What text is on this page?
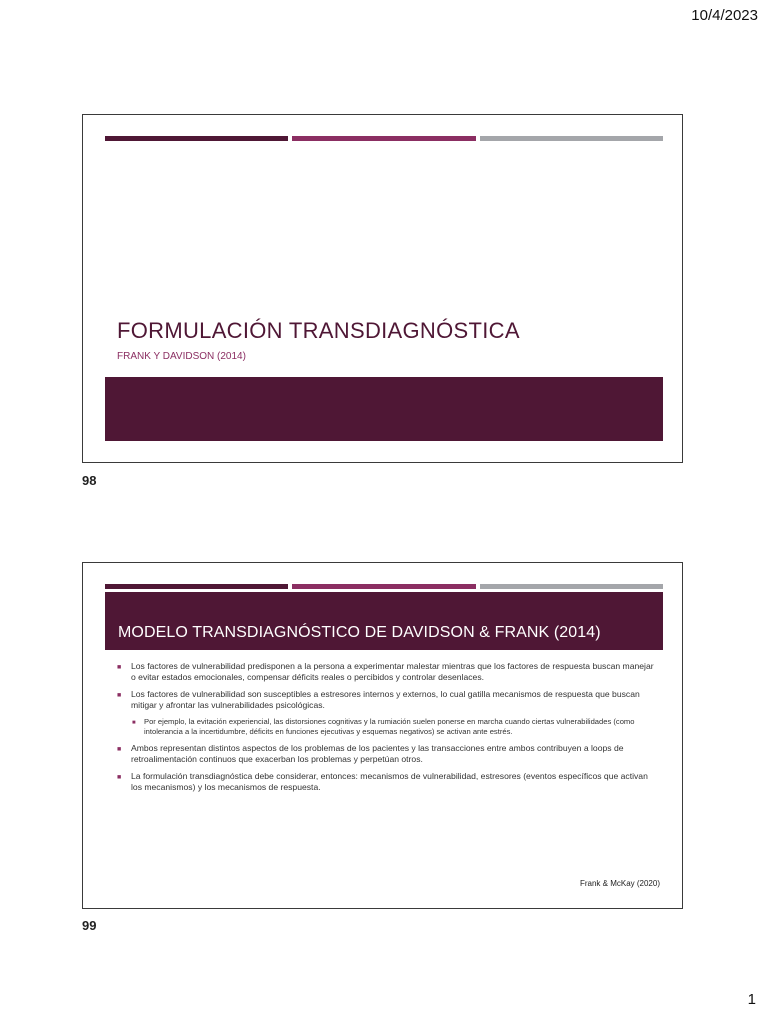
10/4/2023
FORMULACIÓN TRANSDIAGNÓSTICA
FRANK Y DAVIDSON (2014)
98
MODELO TRANSDIAGNÓSTICO DE DAVIDSON & FRANK (2014)
■ Los factores de vulnerabilidad predisponen a la persona a experimentar malestar mientras que los factores de respuesta buscan manejar o evitar estados emocionales, compensar déficits reales o percibidos y controlar desenlaces.
■ Los factores de vulnerabilidad son susceptibles a estresores internos y externos, lo cual gatilla mecanismos de respuesta que buscan mitigar y afrontar las vulnerabilidades psicológicas.
■ Por ejemplo, la evitación experiencial, las distorsiones cognitivas y la rumiación suelen ponerse en marcha cuando ciertas vulnerabilidades (como intolerancia a la incertidumbre, déficits en funciones ejecutivas y esquemas negativos) se activan ante estrés.
■ Ambos representan distintos aspectos de los problemas de los pacientes y las transacciones entre ambos contribuyen a loops de retroalimentación continuos que exacerban los problemas y perpetúan otros.
■ La formulación transdiagnóstica debe considerar, entonces: mecanismos de vulnerabilidad, estresores (eventos específicos que activan los mecanismos) y los mecanismos de respuesta.
Frank & McKay (2020)
99
1
